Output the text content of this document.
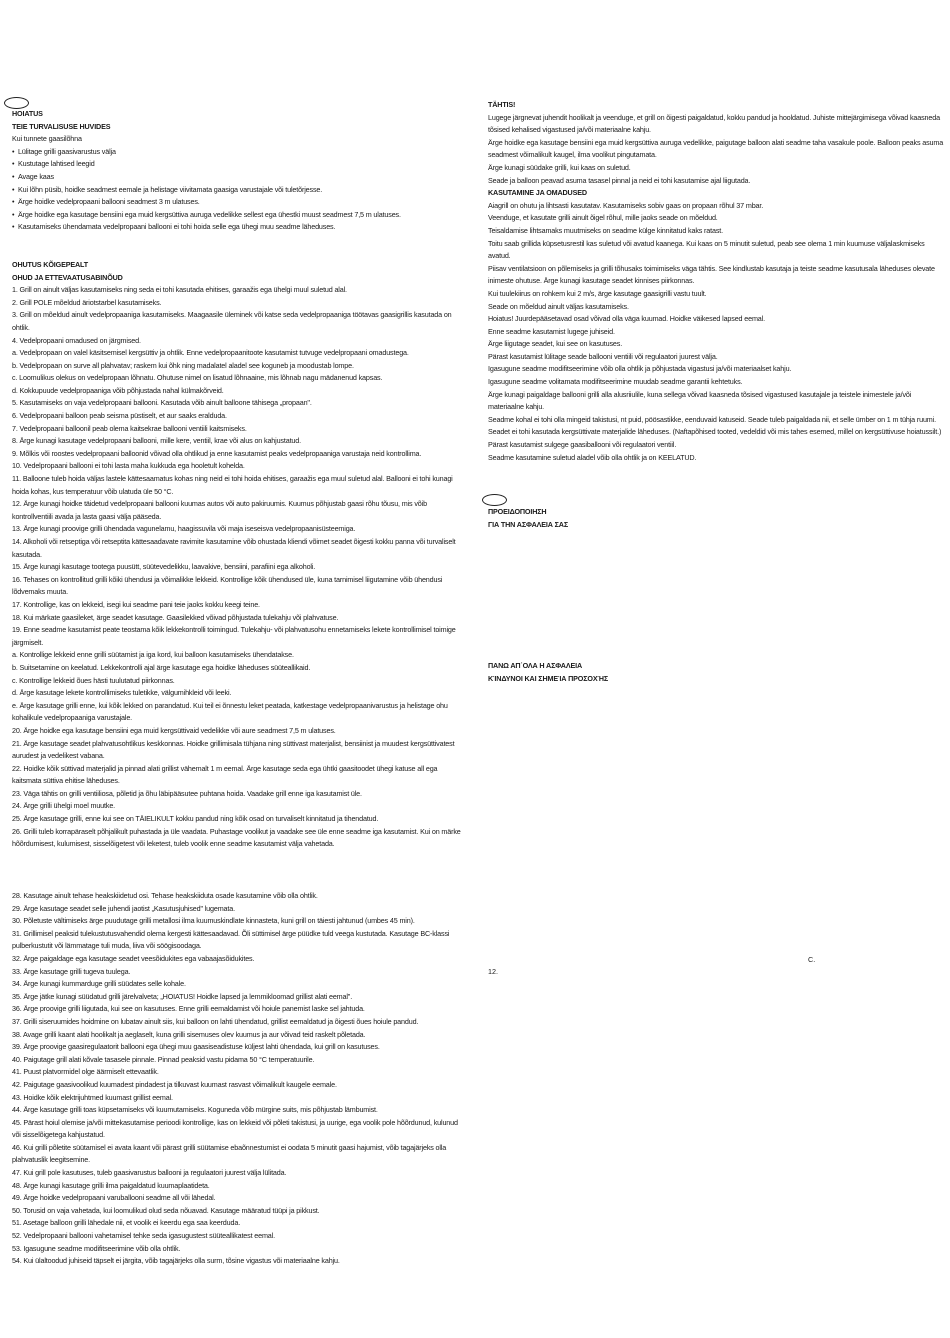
HOIATUS

TEIE TURVALISUSE HUVIDES

Kui tunnete gaasilõhna

• Lülitage grilli gaasivarustus välja

• Kustutage lahtised leegid

• Avage kaas

• Kui lõhn püsib, hoidke seadmest eemale ja helistage viivitamata gaasiga varustajale või tuletõrjesse.

• Ärge hoidke vedelpropaani ballooni seadmest 3 m ulatuses.

• Ärge hoidke ega kasutage bensiini ega muid kergsüttiva auruga vedelikke sellest ega ühestki muust seadmest 7,5 m ulatuses.

• Kasutamiseks ühendamata vedelpropaani ballooni ei tohi hoida selle ega ühegi muu seadme läheduses.

OHUTUS KÕIGEPEALT

OHUD JA ETTEVAATUSABINÕUD

1. Grill on ainult väljas kasutamiseks ning seda ei tohi kasutada ehitises, garaažis ega ühelgi muul suletud alal.

2. Grill POLE mõeldud äriotstarbel kasutamiseks.

3. Grill on mõeldud ainult vedelpropaaniga kasutamiseks. Maagaasile üleminek või katse seda vedelpropaaniga töötavas gaasigrillis kasutada on ohtlik.

4. Vedelpropaani omadused on järgmised.

a. Vedelpropaan on valel käsitsemisel kergsüttiv ja ohtlik. Enne vedelpropaanitoote kasutamist tutvuge vedelpropaani omadustega.

b. Vedelpropaan on surve all plahvatav; raskem kui õhk ning madalatel aladel see koguneb ja moodustab lompe.

c. Loomulikus olekus on vedelpropaan lõhnatu. Ohutuse nimel on lisatud lõhnaaine, mis lõhnab nagu mädanenud kapsas.

d. Kokkupuude vedelpropaaniga võib põhjustada nahal külmakõrveid.

5. Kasutamiseks on vaja vedelpropaani ballooni. Kasutada võib ainult balloone tähisega „propaan".

6. Vedelpropaani balloon peab seisma püstiselt, et aur saaks eralduda.

7. Vedelpropaani balloonil peab olema kaitsekrae ballooni ventiili kaitsmiseks.

8. Ärge kunagi kasutage vedelpropaani ballooni, mille kere, ventiil, krae või alus on kahjustatud.

9. Mõlkis või roostes vedelpropaani balloonid võivad olla ohtlikud ja enne kasutamist peaks vedelpropaaniga varustaja neid kontrollima.

10. Vedelpropaani ballooni ei tohi lasta maha kukkuda ega hooletult kohelda.

11. Balloone tuleb hoida väljas lastele kättesaamatus kohas ning neid ei tohi hoida ehitises, garaažis ega muul suletud alal. Ballooni ei tohi kunagi hoida kohas, kus temperatuur võib ulatuda üle 50 °C.

12. Ärge kunagi hoidke täidetud vedelpropaani ballooni kuumas autos või auto pakiruumis. Kuumus põhjustab gaasi rõhu tõusu, mis võib kontrollventiili avada ja lasta gaasi välja pääseda.

13. Ärge kunagi proovige grilli ühendada vagunelamu, haagissuvila või maja iseseisva vedelpropaanisüsteemiga.

14. Alkoholi või retseptiga või retseptita kättesaadavate ravimite kasutamine võib ohustada kliendi võimet seadet õigesti kokku panna või turvaliselt kasutada.

15. Ärge kunagi kasutage tootega puusütt, süütevedelikku, laavakive, bensiini, parafiini ega alkoholi.

16. Tehases on kontrollitud grilli kõiki ühendusi ja võimalikke lekkeid. Kontrollige kõik ühendused üle, kuna tarnimisel liigutamine võib ühendusi lõdvemaks muuta.

17. Kontrollige, kas on lekkeid, isegi kui seadme pani teie jaoks kokku keegi teine.

18. Kui märkate gaasileket, ärge seadet kasutage. Gaasilekked võivad põhjustada tulekahju või plahvatuse.

19. Enne seadme kasutamist peate teostama kõik lekkekontrolli toimingud. Tulekahju- või plahvatusohu ennetamiseks lekete kontrollimisel toimige järgmiselt.

a. Kontrollige lekkeid enne grilli süütamist ja iga kord, kui balloon kasutamiseks ühendatakse.

b. Suitsetamine on keelatud. Lekkekontrolli ajal ärge kasutage ega hoidke läheduses süüteallikaid.

c. Kontrollige lekkeid õues hästi tuulutatud piirkonnas.

d. Ärge kasutage lekete kontrollimiseks tuletikke, välgumihkleid või leeki.

e. Ärge kasutage grilli enne, kui kõik lekked on parandatud. Kui teil ei õnnestu leket peatada, katkestage vedelpropaanivarustus ja helistage ohu kohalikule vedelpropaaniga varustajale.

20. Ärge hoidke ega kasutage bensiini ega muid kergsüttivaid vedelikke või aure seadmest 7,5 m ulatuses.

21. Ärge kasutage seadet plahvatusohtlikus keskkonnas. Hoidke grillimisala tühjana ning süttivast materjalist, bensiinist ja muudest kergsüttivatest aurudest ja vedelikest vabana.

22. Hoidke kõik süttivad materjalid ja pinnad alati grillist vähemalt 1 m eemal. Ärge kasutage seda ega ühtki gaasitoodet ühegi katuse all ega kaitsmata süttiva ehitise läheduses.

23. Väga tähtis on grilli ventiiliosa, põletid ja õhu läbipääsutee puhtana hoida. Vaadake grill enne iga kasutamist üle.

24. Ärge grilli ühelgi moel muutke.

25. Ärge kasutage grilli, enne kui see on TÄIELIKULT kokku pandud ning kõik osad on turvaliselt kinnitatud ja tihendatud.

26. Grilli tuleb korrapäraselt põhjalikult puhastada ja üle vaadata. Puhastage voolikut ja vaadake see üle enne seadme iga kasutamist. Kui on märke hõõrdumisest, kulumisest, sisselõigetest või leketest, tuleb voolik enne seadme kasutamist välja vahetada.

28. Kasutage ainult tehase heakskiidetud osi. Tehase heakskiiduta osade kasutamine võib olla ohtlik.

29. Ärge kasutage seadet selle juhendi jaotist „Kasutusjuhised" lugemata.

30. Põletuste vältimiseks ärge puudutage grilli metallosi ilma kuumuskindlate kinnasteta, kuni grill on täiesti jahtunud (umbes 45 min).

31. Grillimisel peaksid tulekustutusvahendid olema kergesti kättesaadavad. Õli süttimisel ärge püüdke tuld veega kustutada. Kasutage BC-klassi pulberkustutit või lämmatage tuli muda, liiva või söögisoodaga.

32. Ärge paigaldage ega kasutage seadet veesõidukites ega vabaajasõidukites.

33. Ärge kasutage grilli tugeva tuulega.

34. Ärge kunagi kummarduge grilli süüdates selle kohale.

35. Ärge jätke kunagi süüdatud grilli järelvalveta; „HOIATUS! Hoidke lapsed ja lemmikloomad grillist alati eemal".

36. Ärge proovige grilli liigutada, kui see on kasutuses. Enne grilli eemaldamist või hoiule panemist laske sel jahtuda.

37. Grilli siseruumides hoidmine on lubatav ainult siis, kui balloon on lahti ühendatud, grillist eemaldatud ja õigesti õues hoiule pandud.

38. Avage grilli kaant alati hoolikalt ja aeglaselt, kuna grilli sisemuses olev kuumus ja aur võivad teid raskelt põletada.

39. Ärge proovige gaasiregulaatorit ballooni ega ühegi muu gaasiseadistuse küljest lahti ühendada, kui grill on kasutuses.

40. Paigutage grill alati kõvale tasasele pinnale. Pinnad peaksid vastu pidama 50 °C temperatuurile.

41. Puust platvormidel olge äärmiselt ettevaatlik.

42. Paigutage gaasivoolikud kuumadest pindadest ja tilkuvast kuumast rasvast võimalikult kaugele eemale.

43. Hoidke kõik elektrijuhtmed kuumast grillist eemal.

44. Ärge kasutage grilli toas küpsetamiseks või kuumutamiseks. Koguneda võib mürgine suits, mis põhjustab lämbumist.

45. Pärast hoiul olemise ja/või mittekasutamise perioodi kontrollige, kas on lekkeid või põleti takistusi, ja uurige, ega voolik pole hõõrdunud, kulunud või sisselõigetega kahjustatud.

46. Kui grilli põletite süütamisel ei avata kaant või pärast grilli süütamise ebaõnnestumist ei oodata 5 minutit gaasi hajumist, võib tagajärjeks olla plahvatuslik leegitsemine.

47. Kui grill pole kasutuses, tuleb gaasivarustus ballooni ja regulaatori juurest välja lülitada.

48. Ärge kunagi kasutage grilli ilma paigaldatud kuumaplaatideta.

49. Ärge hoidke vedelpropaani varuballooni seadme all või lähedal.

50. Torusid on vaja vahetada, kui loomulikud olud seda nõuavad. Kasutage määratud tüüpi ja pikkust.

51. Asetage balloon grilli lähedale nii, et voolik ei keerdu ega saa keerduda.

52. Vedelpropaani ballooni vahetamisel tehke seda igasugustest süüteallikatest eemal.

53. Igasugune seadme modifitseerimine võib olla ohtlik.

54. Kui ülaltoodud juhiseid täpselt ei järgita, võib tagajärjeks olla surm, tõsine vigastus või materiaalne kahju.

TÄHTIS!

Lugege järgnevat juhendit hoolikalt ja veenduge, et grill on õigesti paigaldatud, kokku pandud ja hooldatud. Juhiste mittejärgimisega võivad kaasneda tõsised kehalised vigastused ja/või materiaalne kahju.

Ärge hoidke ega kasutage bensiini ega muid kergsüttiva auruga vedelikke, paigutage balloon alati seadme taha vasakule poole. Balloon peaks asuma seadmest võimalikult kaugel, ilma voolikut pingutamata.

Ärge kunagi süüdake grilli, kui kaas on suletud.

Seade ja balloon peavad asuma tasasel pinnal ja neid ei tohi kasutamise ajal liigutada.

KASUTAMINE JA OMADUSED

Aiagrill on ohutu ja lihtsasti kasutatav. Kasutamiseks sobiv gaas on propaan rõhul 37 mbar.

Veenduge, et kasutate grilli ainult õigel rõhul, mille jaoks seade on mõeldud.

Teisaldamise lihtsamaks muutmiseks on seadme külge kinnitatud kaks ratast.

Toitu saab grillida küpsetusrestil kas suletud või avatud kaanega. Kui kaas on 5 minutit suletud, peab see olema 1 min kuumuse väljalaskmiseks avatud.

Piisav ventilatsioon on põlemiseks ja grilli tõhusaks toimimiseks väga tähtis. See kindlustab kasutaja ja teiste seadme kasutusala läheduses olevate inimeste ohutuse. Ärge kunagi kasutage seadet kinnises piirkonnas.

Kui tuulekiirus on rohkem kui 2 m/s, ärge kasutage gaasigrilli vastu tuult.

Seade on mõeldud ainult väljas kasutamiseks.

Hoiatus! Juurdepääsetavad osad võivad olla väga kuumad. Hoidke väikesed lapsed eemal.

Enne seadme kasutamist lugege juhiseid.

Ärge liigutage seadet, kui see on kasutuses.

Pärast kasutamist lülitage seade ballooni ventiili või regulaatori juurest välja.

Igasugune seadme modifitseerimine võib olla ohtlik ja põhjustada vigastusi ja/või materiaalset kahju.

Igasugune seadme volitamata modifitseerimine muudab seadme garantii kehtetuks.

Ärge kunagi paigaldage ballooni grilli alla alusriiulile, kuna sellega võivad kaasneda tõsised vigastused kasutajale ja teistele inimestele ja/või materiaalne kahju.

Seadme kohal ei tohi olla mingeid takistusi, nt puid, pöösastikke, eenduvaid katuseid. Seade tuleb paigaldada nii, et selle ümber on 1 m tühja ruumi.

Seadet ei tohi kasutada kergsüttivate materjalide läheduses. (Naftapõhised tooted, vedeldid või mis tahes esemed, millel on kergsüttivuse hoiatussilt.)

Pärast kasutamist sulgege gaasiballooni või regulaatori ventiil.

Seadme kasutamine suletud aladel võib olla ohtlik ja on KEELATUD.

ΠΡΟΕΙΔΟΠΟΙΗΣΗ

ΓΙΑ ΤΗΝ ΑΣΦΑΛΕΙΑ ΣΑΣ

ΠΑΝΩ ΑΠ΄ΟΛΑ Η ΑΣΦΑΛΕΙΑ

ΚΊΝΔΥΝΟΙ ΚΑΙ ΣΗΜΕΊΑ ΠΡΟΣΟΧΉΣ

12.
C.
